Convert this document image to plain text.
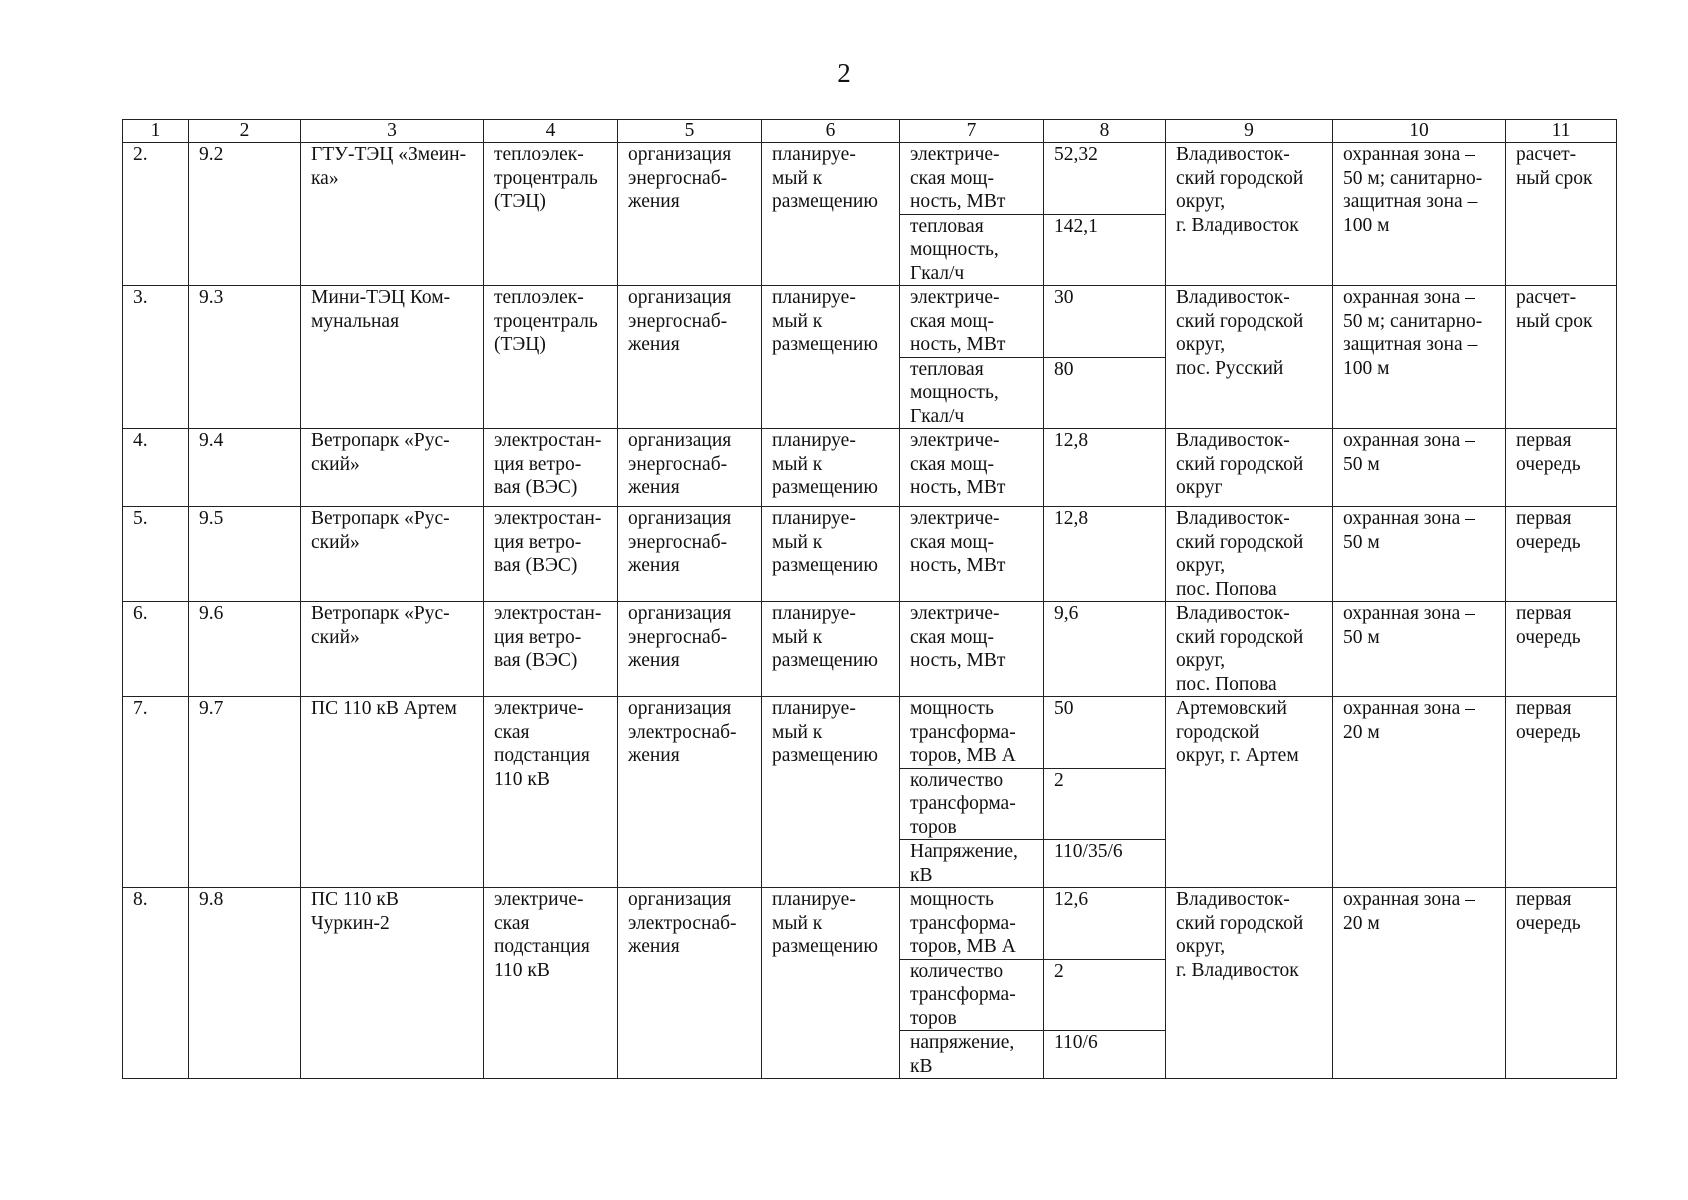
2
1	2	3	4	5	6	7	8	9	10	11
2.	9.2	ГТУ-ТЭЦ «Змеин-
ка»	теплоэлек-
троцентраль
(ТЭЦ)	организация
энергоснаб-
жения	планируе-
мый к
размещению	электриче-
ская мощ-
ность, МВт	52,32	Владивосток-
ский городской
округ,
г. Владивосток	охранная зона –
50 м; санитарно-
защитная зона –
100 м	расчет-
ный срок
						тепловая
мощность,
Гкал/ч	142,1			
3.	9.3	Мини-ТЭЦ Ком-
мунальная	теплоэлек-
троцентраль
(ТЭЦ)	организация
энергоснаб-
жения	планируе-
мый к
размещению	электриче-
ская мощ-
ность, МВт	30	Владивосток-
ский городской
округ,
пос. Русский	охранная зона –
50 м; санитарно-
защитная зона –
100 м	расчет-
ный срок
						тепловая
мощность,
Гкал/ч	80			
4.	9.4	Ветропарк «Рус-
ский»	электростан-
ция ветро-
вая (ВЭС)	организация
энергоснаб-
жения	планируе-
мый к
размещению	электриче-
ская мощ-
ность, МВт	12,8	Владивосток-
ский городской
округ	охранная зона –
50 м	первая
очередь
5.	9.5	Ветропарк «Рус-
ский»	электростан-
ция ветро-
вая (ВЭС)	организация
энергоснаб-
жения	планируе-
мый к
размещению	электриче-
ская мощ-
ность, МВт	12,8	Владивосток-
ский городской
округ,
пос. Попова	охранная зона –
50 м	первая
очередь
6.	9.6	Ветропарк «Рус-
ский»	электростан-
ция ветро-
вая (ВЭС)	организация
энергоснаб-
жения	планируе-
мый к
размещению	электриче-
ская мощ-
ность, МВт	9,6	Владивосток-
ский городской
округ,
пос. Попова	охранная зона –
50 м	первая
очередь
7.	9.7	ПС 110 кВ Артем	электриче-
ская
подстанция
110 кВ	организация
электроснаб-
жения	планируе-
мый к
размещению	мощность
трансформа-
торов, МВ А	50	Артемовский
городской
округ, г. Артем	охранная зона –
20 м	первая
очередь
						количество
трансформа-
торов	2			
						Напряжение,
кВ	110/35/6			
8.	9.8	ПС 110 кВ
Чуркин-2	электриче-
ская
подстанция
110 кВ	организация
электроснаб-
жения	планируе-
мый к
размещению	мощность
трансформа-
торов, МВ А	12,6	Владивосток-
ский городской
округ,
г. Владивосток	охранная зона –
20 м	первая
очередь
						количество
трансформа-
торов	2			
						напряжение,
кВ	110/6			
